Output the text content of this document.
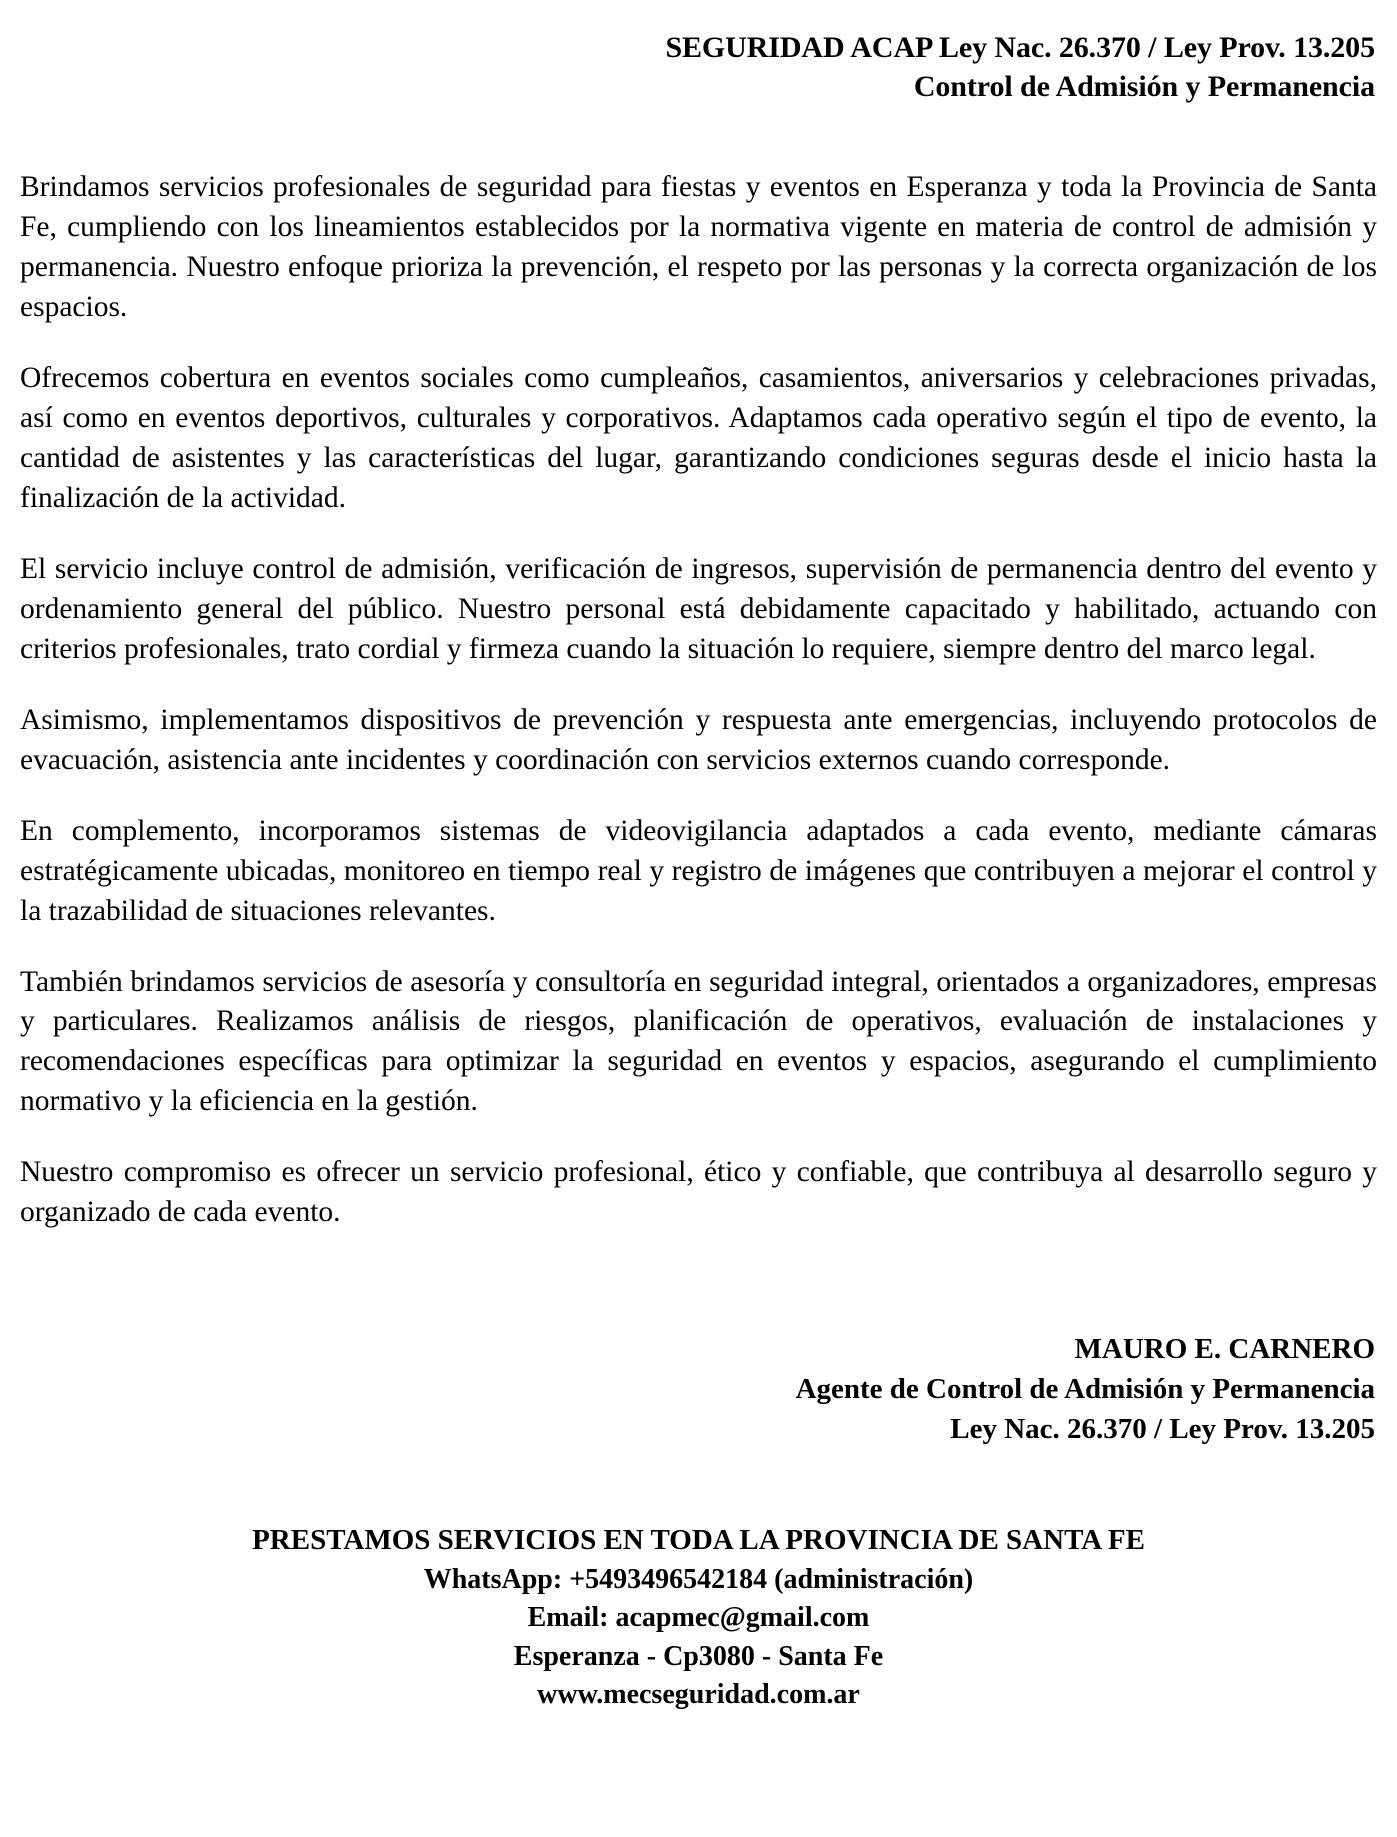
SEGURIDAD ACAP Ley Nac. 26.370 / Ley Prov. 13.205
Control de Admisión y Permanencia

Brindamos servicios profesionales de seguridad para fiestas y eventos en Esperanza y toda la Provincia de Santa Fe, cumpliendo con los lineamientos establecidos por la normativa vigente en materia de control de admisión y permanencia. Nuestro enfoque prioriza la prevención, el respeto por las personas y la correcta organización de los espacios.

Ofrecemos cobertura en eventos sociales como cumpleaños, casamientos, aniversarios y celebraciones privadas, así como en eventos deportivos, culturales y corporativos. Adaptamos cada operativo según el tipo de evento, la cantidad de asistentes y las características del lugar, garantizando condiciones seguras desde el inicio hasta la finalización de la actividad.

El servicio incluye control de admisión, verificación de ingresos, supervisión de permanencia dentro del evento y ordenamiento general del público. Nuestro personal está debidamente capacitado y habilitado, actuando con criterios profesionales, trato cordial y firmeza cuando la situación lo requiere, siempre dentro del marco legal.

Asimismo, implementamos dispositivos de prevención y respuesta ante emergencias, incluyendo protocolos de evacuación, asistencia ante incidentes y coordinación con servicios externos cuando corresponde.

En complemento, incorporamos sistemas de videovigilancia adaptados a cada evento, mediante cámaras estratégicamente ubicadas, monitoreo en tiempo real y registro de imágenes que contribuyen a mejorar el control y la trazabilidad de situaciones relevantes.

También brindamos servicios de asesoría y consultoría en seguridad integral, orientados a organizadores, empresas y particulares. Realizamos análisis de riesgos, planificación de operativos, evaluación de instalaciones y recomendaciones específicas para optimizar la seguridad en eventos y espacios, asegurando el cumplimiento normativo y la eficiencia en la gestión.

Nuestro compromiso es ofrecer un servicio profesional, ético y confiable, que contribuya al desarrollo seguro y organizado de cada evento.

MAURO E. CARNERO
Agente de Control de Admisión y Permanencia
Ley Nac. 26.370 / Ley Prov. 13.205
PRESTAMOS SERVICIOS EN TODA LA PROVINCIA DE SANTA FE
WhatsApp: +5493496542184 (administración)
Email: acapmec@gmail.com
Esperanza - Cp3080 - Santa Fe
www.mecseguridad.com.ar
